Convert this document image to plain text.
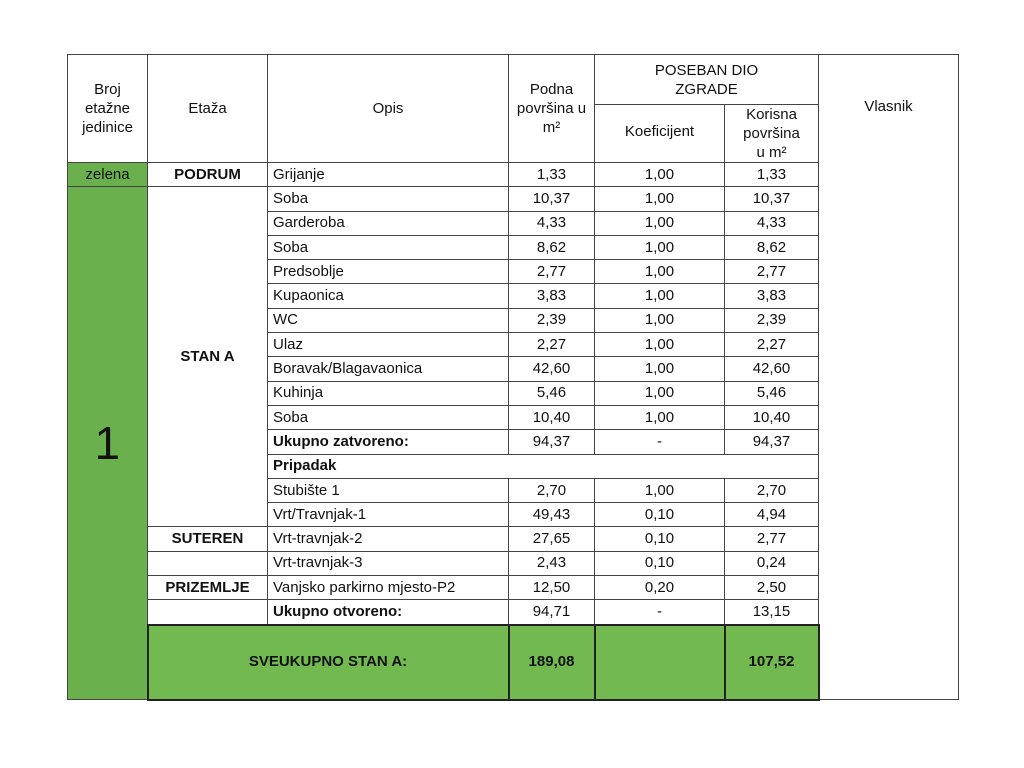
Broj etažne jedinice	Etaža	Opis	Podna površina u m²	POSEBAN DIO ZGRADE		Vlasnik
				Koeficijent	Korisna površina u m²	
zelena	PODRUM	Grijanje	1,33	1,00	1,33	
1	STAN A	Soba	10,37	1,00	10,37	
		Garderoba	4,33	1,00	4,33	
		Soba	8,62	1,00	8,62	
		Predsoblje	2,77	1,00	2,77	
		Kupaonica	3,83	1,00	3,83	
		WC	2,39	1,00	2,39	
		Ulaz	2,27	1,00	2,27	
		Boravak/Blagavaonica	42,60	1,00	42,60	
		Kuhinja	5,46	1,00	5,46	
		Soba	10,40	1,00	10,40	
		Ukupno zatvoreno:	94,37	-	94,37	
		Pripadak				
		Stubište 1	2,70	1,00	2,70	
		Vrt/Travnjak-1	49,43	0,10	4,94	
	SUTEREN	Vrt-travnjak-2	27,65	0,10	2,77	
		Vrt-travnjak-3	2,43	0,10	0,24	
	PRIZEMLJE	Vanjsko parkirno mjesto-P2	12,50	0,20	2,50	
		Ukupno otvoreno:	94,71	-	13,15	
	SVEUKUPNO STAN A:		189,08		107,52	
